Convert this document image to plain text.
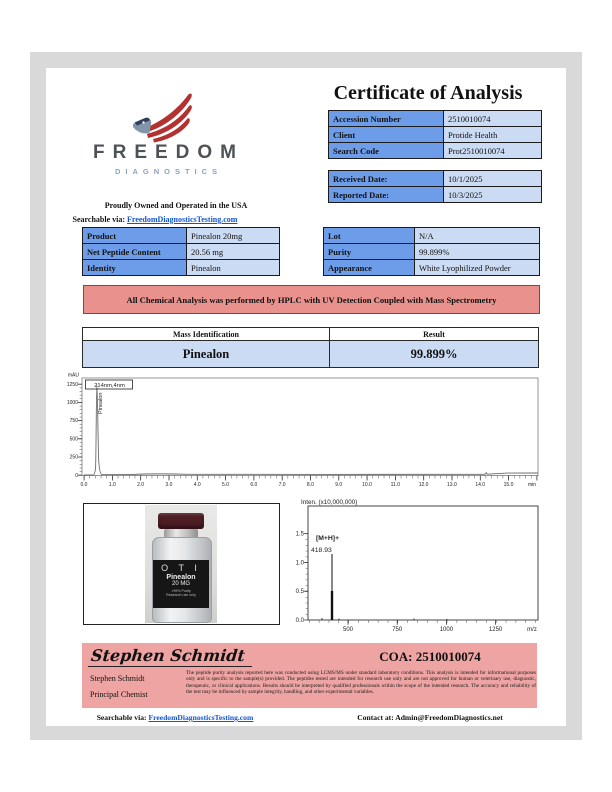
FREEDOM
DIAGNOSTICS
Proudly Owned and Operated in the USA
Searchable via: FreedomDiagnosticsTesting.com
Certificate of Analysis
Accession Number	2510010074
Client	Protide Health
Search Code	Prot2510010074
Received Date:	10/1/2025
Reported Date:	10/3/2025
Product	Pinealon 20mg
Net Peptide Content	20.56 mg
Identity	Pinealon
Lot	N/A
Purity	99.899%
Appearance	White Lyophilized Powder
All Chemical Analysis was performed by HPLC with UV Detection Coupled with Mass Spectrometry
Mass Identification	Result
Pinealon	99.899%
mAU
1250
1000
750
500
250
0
0.0	1.0	2.0	3.0	4.0	5.0	6.0	7.0	8.0	9.0	10.0	11.0	12.0	13.0	14.0	15.0	min
214nm,4nm
Pinealon
O T I
Pinealon
20 MG
>99% Purity
Research use only
Inten. (x10,000,000)
1.5
1.0
0.5
0.0
500	750	1000	1250	m/z
[M+H]+
418.93
Stephen Schmidt	COA: 2510010074
Stephen Schmidt
Principal Chemist
The peptide purity analysis reported here was conducted using LCMS/MS under standard laboratory conditions. This analysis is intended for informational purposes only and is specific to the sample(s) provided. The peptides tested are intended for research use only and are not approved for human or veterinary use, diagnostic, therapeutic, or clinical applications. Results should be interpreted by qualified professionals within the scope of the intended research. The accuracy and reliability of the test may be influenced by sample integrity, handling, and other experimental variables.
Searchable via: FreedomDiagnosticsTesting.com	Contact at: Admin@FreedomDiagnostics.net
